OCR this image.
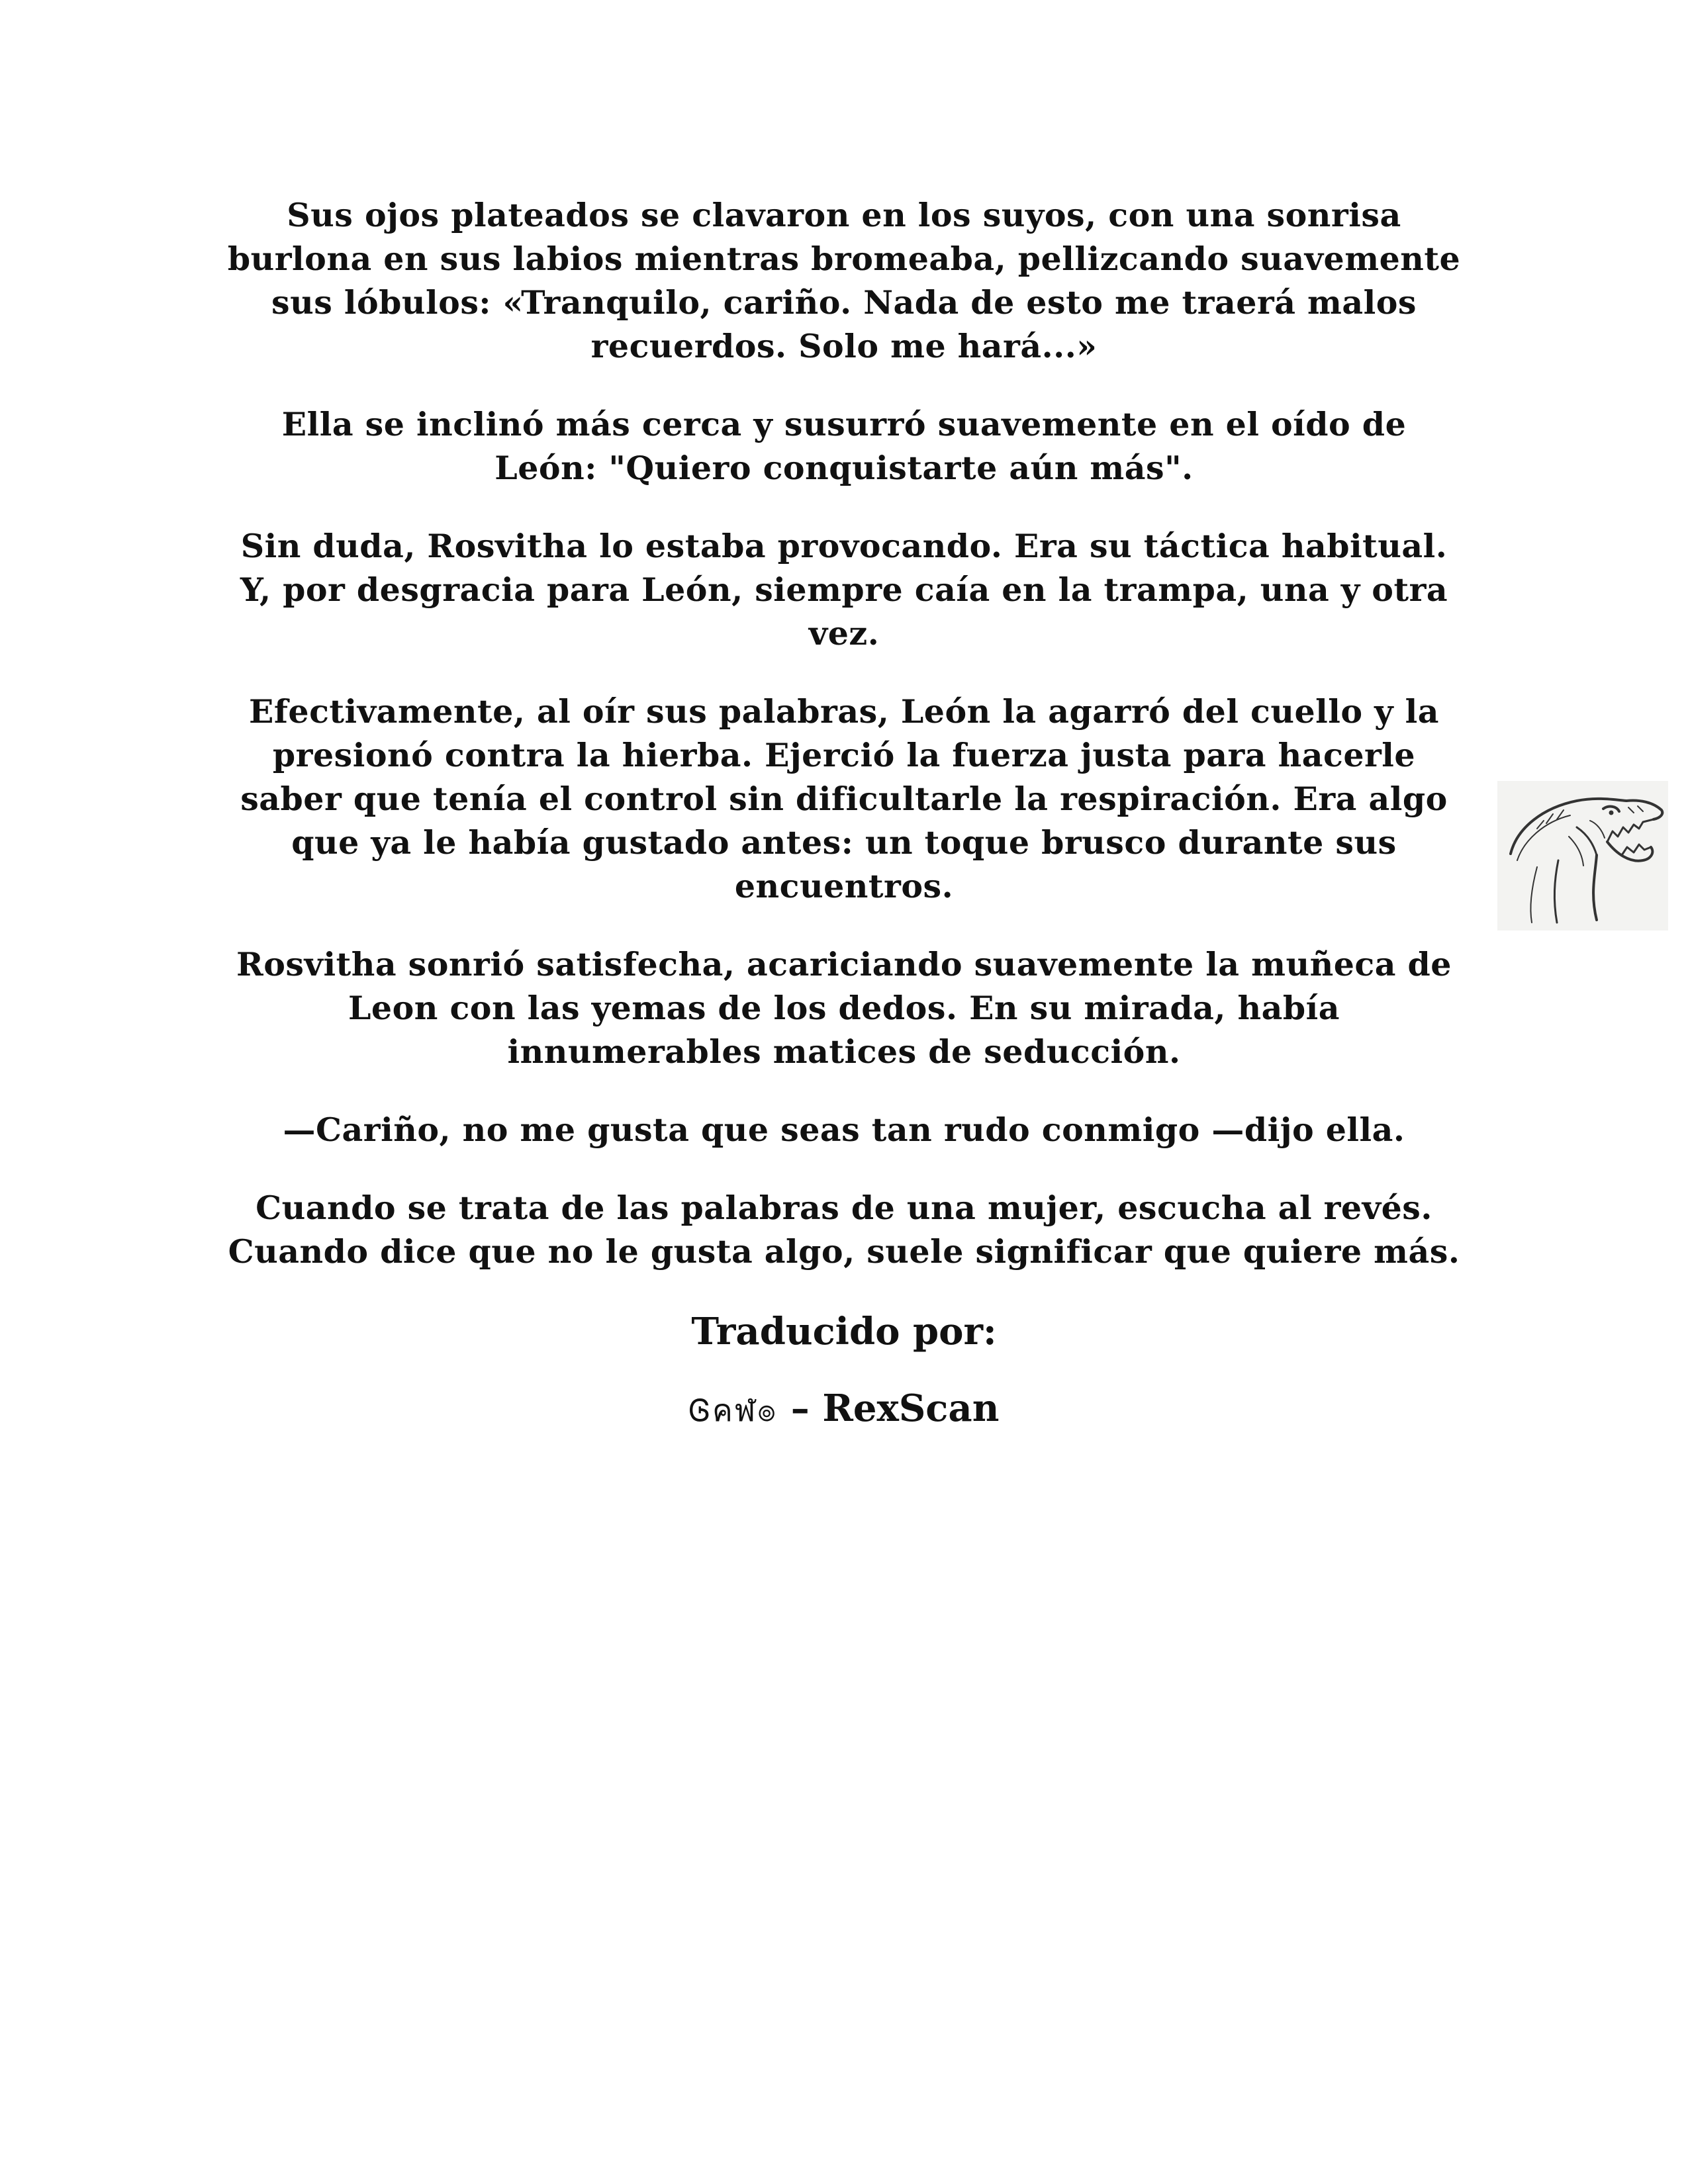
Sus ojos plateados se clavaron en los suyos, con una sonrisa burlona en sus labios mientras bromeaba, pellizcando suavemente sus lóbulos: «Tranquilo, cariño. Nada de esto me traerá malos recuerdos. Solo me hará...»

Ella se inclinó más cerca y susurró suavemente en el oído de León: "Quiero conquistarte aún más".

Sin duda, Rosvitha lo estaba provocando. Era su táctica habitual. Y, por desgracia para León, siempre caía en la trampa, una y otra vez.

Efectivamente, al oír sus palabras, León la agarró del cuello y la presionó contra la hierba. Ejerció la fuerza justa para hacerle saber que tenía el control sin dificultarle la respiración. Era algo que ya le había gustado antes: un toque brusco durante sus encuentros.

Rosvitha sonrió satisfecha, acariciando suavemente la muñeca de Leon con las yemas de los dedos. En su mirada, había innumerables matices de seducción.

—Cariño, no me gusta que seas tan rudo conmigo —dijo ella.

Cuando se trata de las palabras de una mujer, escucha al revés. Cuando dice que no le gusta algo, suele significar que quiere más.

Traducido por:
Ꮆคฬ๏ – RexScan
